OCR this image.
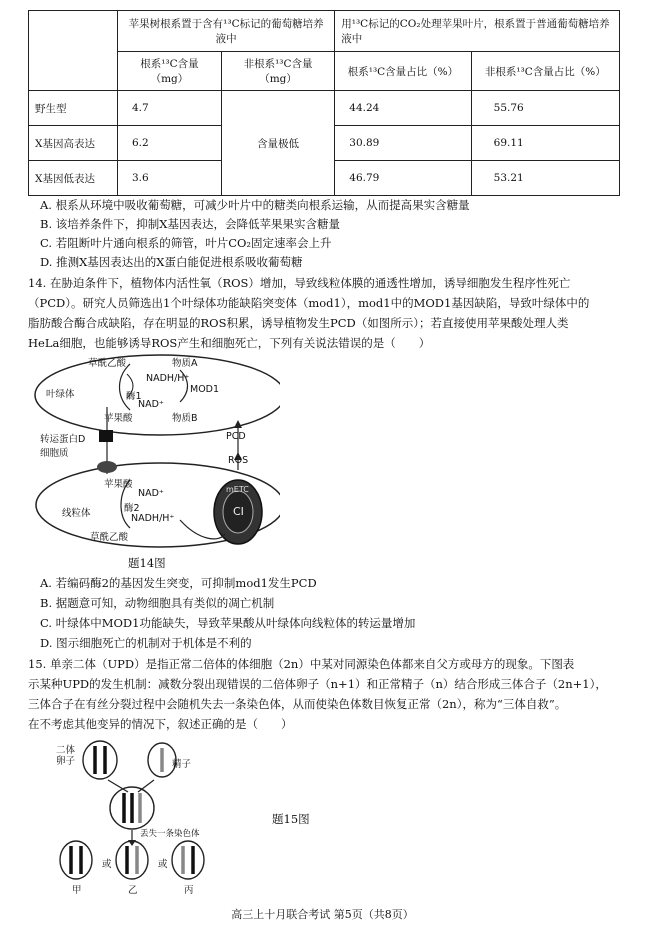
	苹果树根系置于含有¹³C标记的葡萄糖培养液中		用¹³C标记的CO₂处理苹果叶片，根系置于普通葡萄糖培养液中	
	根系¹³C含量（mg）	非根系¹³C含量（mg）	根系¹³C含量占比（%）	非根系¹³C含量占比（%）
野生型	4.7	含量极低	44.24	55.76
X基因高表达	6.2		30.89	69.11
X基因低表达	3.6		46.79	53.21
A. 根系从环境中吸收葡萄糖，可减少叶片中的糖类向根系运输，从而提高果实含糖量
B. 该培养条件下，抑制X基因表达，会降低苹果果实含糖量
C. 若阻断叶片通向根系的筛管，叶片CO₂固定速率会上升
D. 推测X基因表达出的X蛋白能促进根系吸收葡萄糖
14. 在胁迫条件下，植物体内活性氧（ROS）增加，导致线粒体膜的通透性增加，诱导细胞发生程序性死亡
（PCD）。研究人员筛选出1个叶绿体功能缺陷突变体（mod1），mod1中的MOD1基因缺陷，导致叶绿体中的
脂肪酸合酶合成缺陷，存在明显的ROS积累，诱导植物发生PCD（如图所示）；若直接使用苹果酸处理人类
HeLa细胞，也能够诱导ROS产生和细胞死亡，下列有关说法错误的是（　　）
草酰乙酸	物质A
NADH/H⁺
MOD1
叶绿体	酶1
NAD⁺
苹果酸	物质B
转运蛋白D	PCD
细胞质
ROS
苹果酸
NAD⁺	mETC
线粒体	酶2
NADH/H⁺
CI
草酰乙酸
题14图
A. 若编码酶2的基因发生突变，可抑制mod1发生PCD
B. 据题意可知，动物细胞具有类似的凋亡机制
C. 叶绿体中MOD1功能缺失，导致苹果酸从叶绿体向线粒体的转运量增加
D. 图示细胞死亡的机制对于机体是不利的
15. 单亲二体（UPD）是指正常二倍体的体细胞（2n）中某对同源染色体都来自父方或母方的现象。下图表
示某种UPD的发生机制：减数分裂出现错误的二倍体卵子（n+1）和正常精子（n）结合形成三体合子（2n+1），
三体合子在有丝分裂过程中会随机失去一条染色体，从而使染色体数目恢复正常（2n），称为“三体自救”。
在不考虑其他变异的情况下，叙述正确的是（　　）
二体卵子	精子
丢失一条染色体
或	或
甲	乙	丙
题15图
高三上十月联合考试 第5页（共8页）
